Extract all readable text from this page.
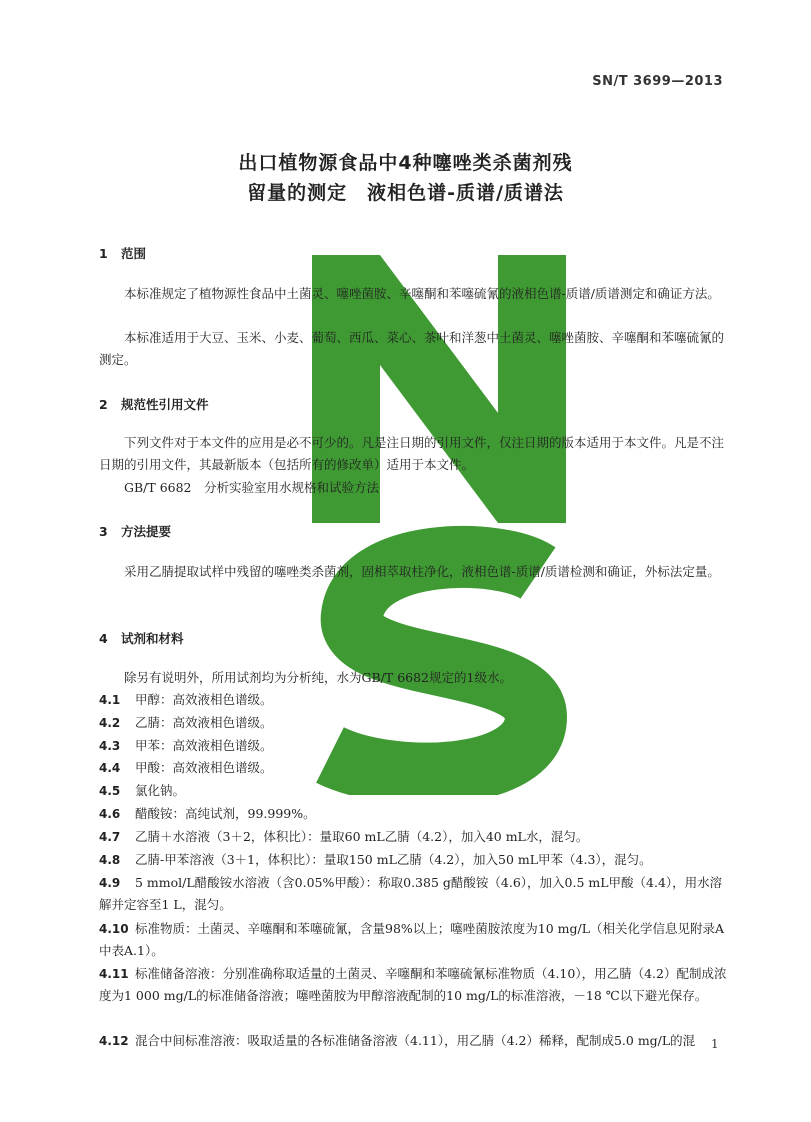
SN/T 3699—2013
出口植物源食品中4种噻唑类杀菌剂残
留量的测定　液相色谱-质谱/质谱法
1 范围
本标准规定了植物源性食品中土菌灵、噻唑菌胺、辛噻酮和苯噻硫氰的液相色谱-质谱/质谱测定和确证方法。
本标准适用于大豆、玉米、小麦、葡萄、西瓜、菜心、茶叶和洋葱中土菌灵、噻唑菌胺、辛噻酮和苯噻硫氰的测定。
2 规范性引用文件
下列文件对于本文件的应用是必不可少的。凡是注日期的引用文件，仅注日期的版本适用于本文件。凡是不注日期的引用文件，其最新版本（包括所有的修改单）适用于本文件。
GB/T 6682　分析实验室用水规格和试验方法
3 方法提要
采用乙腈提取试样中残留的噻唑类杀菌剂，固相萃取柱净化，液相色谱-质谱/质谱检测和确证，外标法定量。
4 试剂和材料
除另有说明外，所用试剂均为分析纯，水为GB/T 6682规定的1级水。
4.1 甲醇：高效液相色谱级。
4.2 乙腈：高效液相色谱级。
4.3 甲苯：高效液相色谱级。
4.4 甲酸：高效液相色谱级。
4.5 氯化钠。
4.6 醋酸铵：高纯试剂，99.999%。
4.7 乙腈＋水溶液（3＋2，体积比）：量取60 mL乙腈（4.2），加入40 mL水，混匀。
4.8 乙腈-甲苯溶液（3＋1，体积比）：量取150 mL乙腈（4.2），加入50 mL甲苯（4.3），混匀。
4.9 5 mmol/L醋酸铵水溶液（含0.05%甲酸）：称取0.385 g醋酸铵（4.6），加入0.5 mL甲酸（4.4），用水溶解并定容至1 L，混匀。
4.10 标准物质：土菌灵、辛噻酮和苯噻硫氰，含量98%以上；噻唑菌胺浓度为10 mg/L（相关化学信息见附录A中表A.1）。
4.11 标准储备溶液：分别准确称取适量的土菌灵、辛噻酮和苯噻硫氰标准物质（4.10），用乙腈（4.2）配制成浓度为1 000 mg/L的标准储备溶液；噻唑菌胺为甲醇溶液配制的10 mg/L的标准溶液，－18 ℃以下避光保存。
4.12 混合中间标准溶液：吸取适量的各标准储备溶液（4.11），用乙腈（4.2）稀释，配制成5.0 mg/L的混	1
